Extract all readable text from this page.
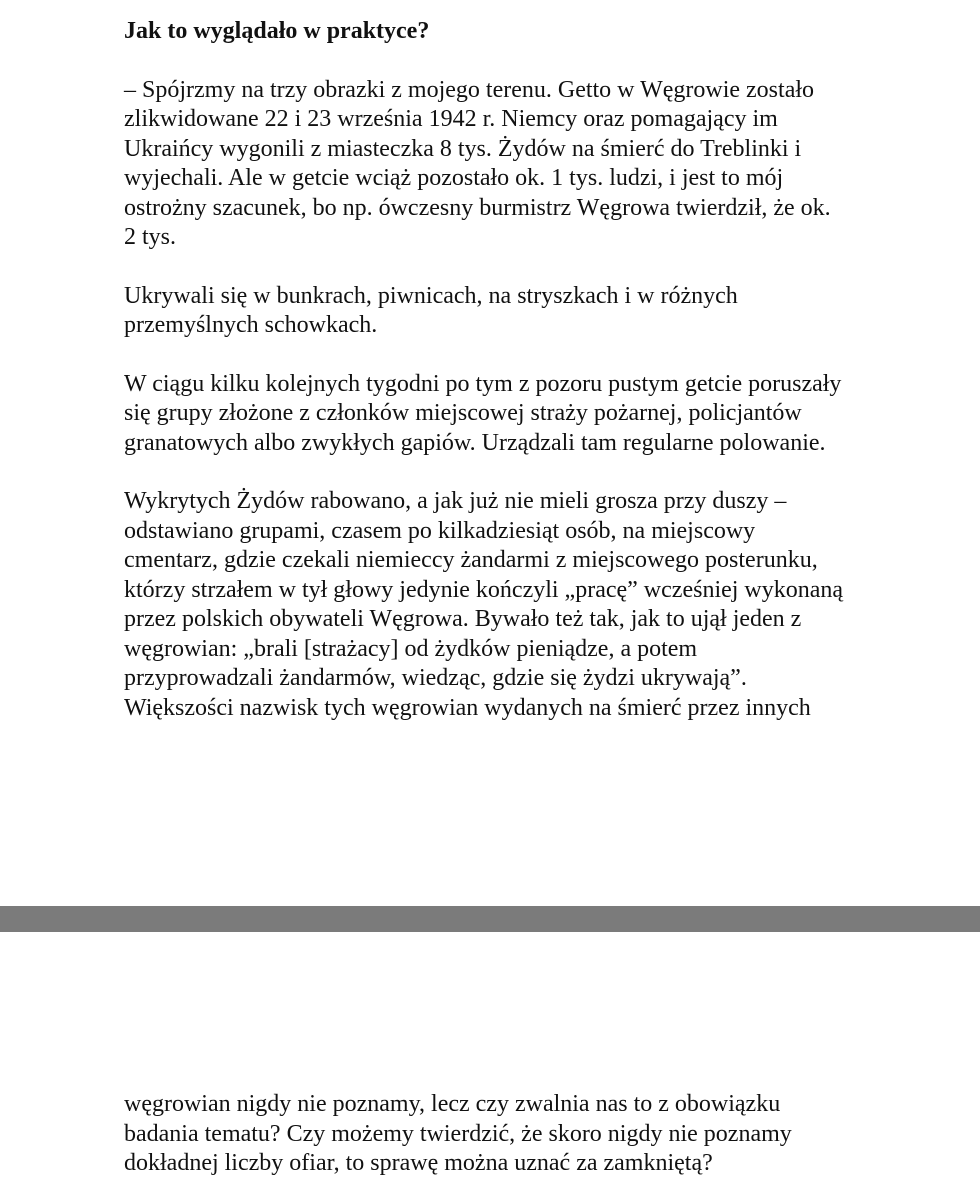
Jak to wyglądało w praktyce?
– Spójrzmy na trzy obrazki z mojego terenu. Getto w Węgrowie zostało
zlikwidowane 22 i 23 września 1942 r. Niemcy oraz pomagający im
Ukraińcy wygonili z miasteczka 8 tys. Żydów na śmierć do Treblinki i
wyjechali. Ale w getcie wciąż pozostało ok. 1 tys. ludzi, i jest to mój
ostrożny szacunek, bo np. ówczesny burmistrz Węgrowa twierdził, że ok.
2 tys.
Ukrywali się w bunkrach, piwnicach, na stryszkach i w różnych
przemyślnych schowkach.
W ciągu kilku kolejnych tygodni po tym z pozoru pustym getcie poruszały
się grupy złożone z członków miejscowej straży pożarnej, policjantów
granatowych albo zwykłych gapiów. Urządzali tam regularne polowanie.
Wykrytych Żydów rabowano, a jak już nie mieli grosza przy duszy –
odstawiano grupami, czasem po kilkadziesiąt osób, na miejscowy
cmentarz, gdzie czekali niemieccy żandarmi z miejscowego posterunku,
którzy strzałem w tył głowy jedynie kończyli „pracę” wcześniej wykonaną
przez polskich obywateli Węgrowa. Bywało też tak, jak to ujął jeden z
węgrowian: „brali [strażacy] od żydków pieniądze, a potem
przyprowadzali żandarmów, wiedząc, gdzie się żydzi ukrywają”.
Większości nazwisk tych węgrowian wydanych na śmierć przez innych
węgrowian nigdy nie poznamy, lecz czy zwalnia nas to z obowiązku
badania tematu? Czy możemy twierdzić, że skoro nigdy nie poznamy
dokładnej liczby ofiar, to sprawę można uznać za zamkniętą?
